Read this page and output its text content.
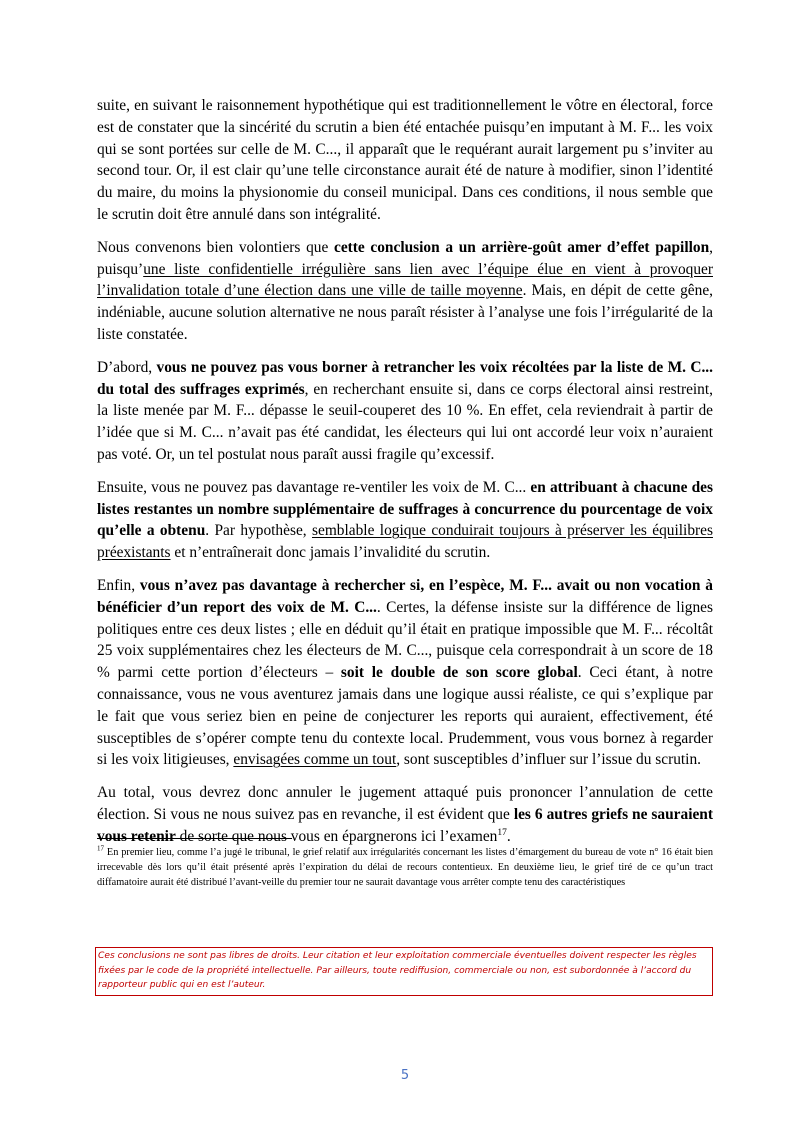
suite, en suivant le raisonnement hypothétique qui est traditionnellement le vôtre en électoral, force est de constater que la sincérité du scrutin a bien été entachée puisqu’en imputant à M. F... les voix qui se sont portées sur celle de M. C..., il apparaît que le requérant aurait largement pu s’inviter au second tour. Or, il est clair qu’une telle circonstance aurait été de nature à modifier, sinon l’identité du maire, du moins la physionomie du conseil municipal. Dans ces conditions, il nous semble que le scrutin doit être annulé dans son intégralité.

Nous convenons bien volontiers que cette conclusion a un arrière-goût amer d’effet papillon, puisqu’une liste confidentielle irrégulière sans lien avec l’équipe élue en vient à provoquer l’invalidation totale d’une élection dans une ville de taille moyenne. Mais, en dépit de cette gêne, indéniable, aucune solution alternative ne nous paraît résister à l’analyse une fois l’irrégularité de la liste constatée.

D’abord, vous ne pouvez pas vous borner à retrancher les voix récoltées par la liste de M. C... du total des suffrages exprimés, en recherchant ensuite si, dans ce corps électoral ainsi restreint, la liste menée par M. F... dépasse le seuil-couperet des 10 %. En effet, cela reviendrait à partir de l’idée que si M. C... n’avait pas été candidat, les électeurs qui lui ont accordé leur voix n’auraient pas voté. Or, un tel postulat nous paraît aussi fragile qu’excessif.

Ensuite, vous ne pouvez pas davantage re-ventiler les voix de M. C... en attribuant à chacune des listes restantes un nombre supplémentaire de suffrages à concurrence du pourcentage de voix qu’elle a obtenu. Par hypothèse, semblable logique conduirait toujours à préserver les équilibres préexistants et n’entraînerait donc jamais l’invalidité du scrutin.

Enfin, vous n’avez pas davantage à rechercher si, en l’espèce, M. F... avait ou non vocation à bénéficier d’un report des voix de M. C.... Certes, la défense insiste sur la différence de lignes politiques entre ces deux listes ; elle en déduit qu’il était en pratique impossible que M. F... récoltât 25 voix supplémentaires chez les électeurs de M. C..., puisque cela correspondrait à un score de 18 % parmi cette portion d’électeurs – soit le double de son score global. Ceci étant, à notre connaissance, vous ne vous aventurez jamais dans une logique aussi réaliste, ce qui s’explique par le fait que vous seriez bien en peine de conjecturer les reports qui auraient, effectivement, été susceptibles de s’opérer compte tenu du contexte local. Prudemment, vous vous bornez à regarder si les voix litigieuses, envisagées comme un tout, sont susceptibles d’influer sur l’issue du scrutin.

Au total, vous devrez donc annuler le jugement attaqué puis prononcer l’annulation de cette élection. Si vous ne nous suivez pas en revanche, il est évident que les 6 autres griefs ne sauraient vous retenir de sorte que nous vous en épargnerons ici l’examen$^{17}$.

$^{17}$ En premier lieu, comme l’a jugé le tribunal, le grief relatif aux irrégularités concernant les listes d’émargement du bureau de vote n° 16 était bien irrecevable dès lors qu’il était présenté après l’expiration du délai de recours contentieux. En deuxième lieu, le grief tiré de ce qu’un tract diffamatoire aurait été distribué l’avant-veille du premier tour ne saurait davantage vous arrêter compte tenu des caractéristiques
Ces conclusions ne sont pas libres de droits. Leur citation et leur exploitation commerciale éventuelles doivent respecter les règles fixées par le code de la propriété intellectuelle. Par ailleurs, toute rediffusion, commerciale ou non, est subordonnée à l’accord du rapporteur public qui en est l’auteur.
5
